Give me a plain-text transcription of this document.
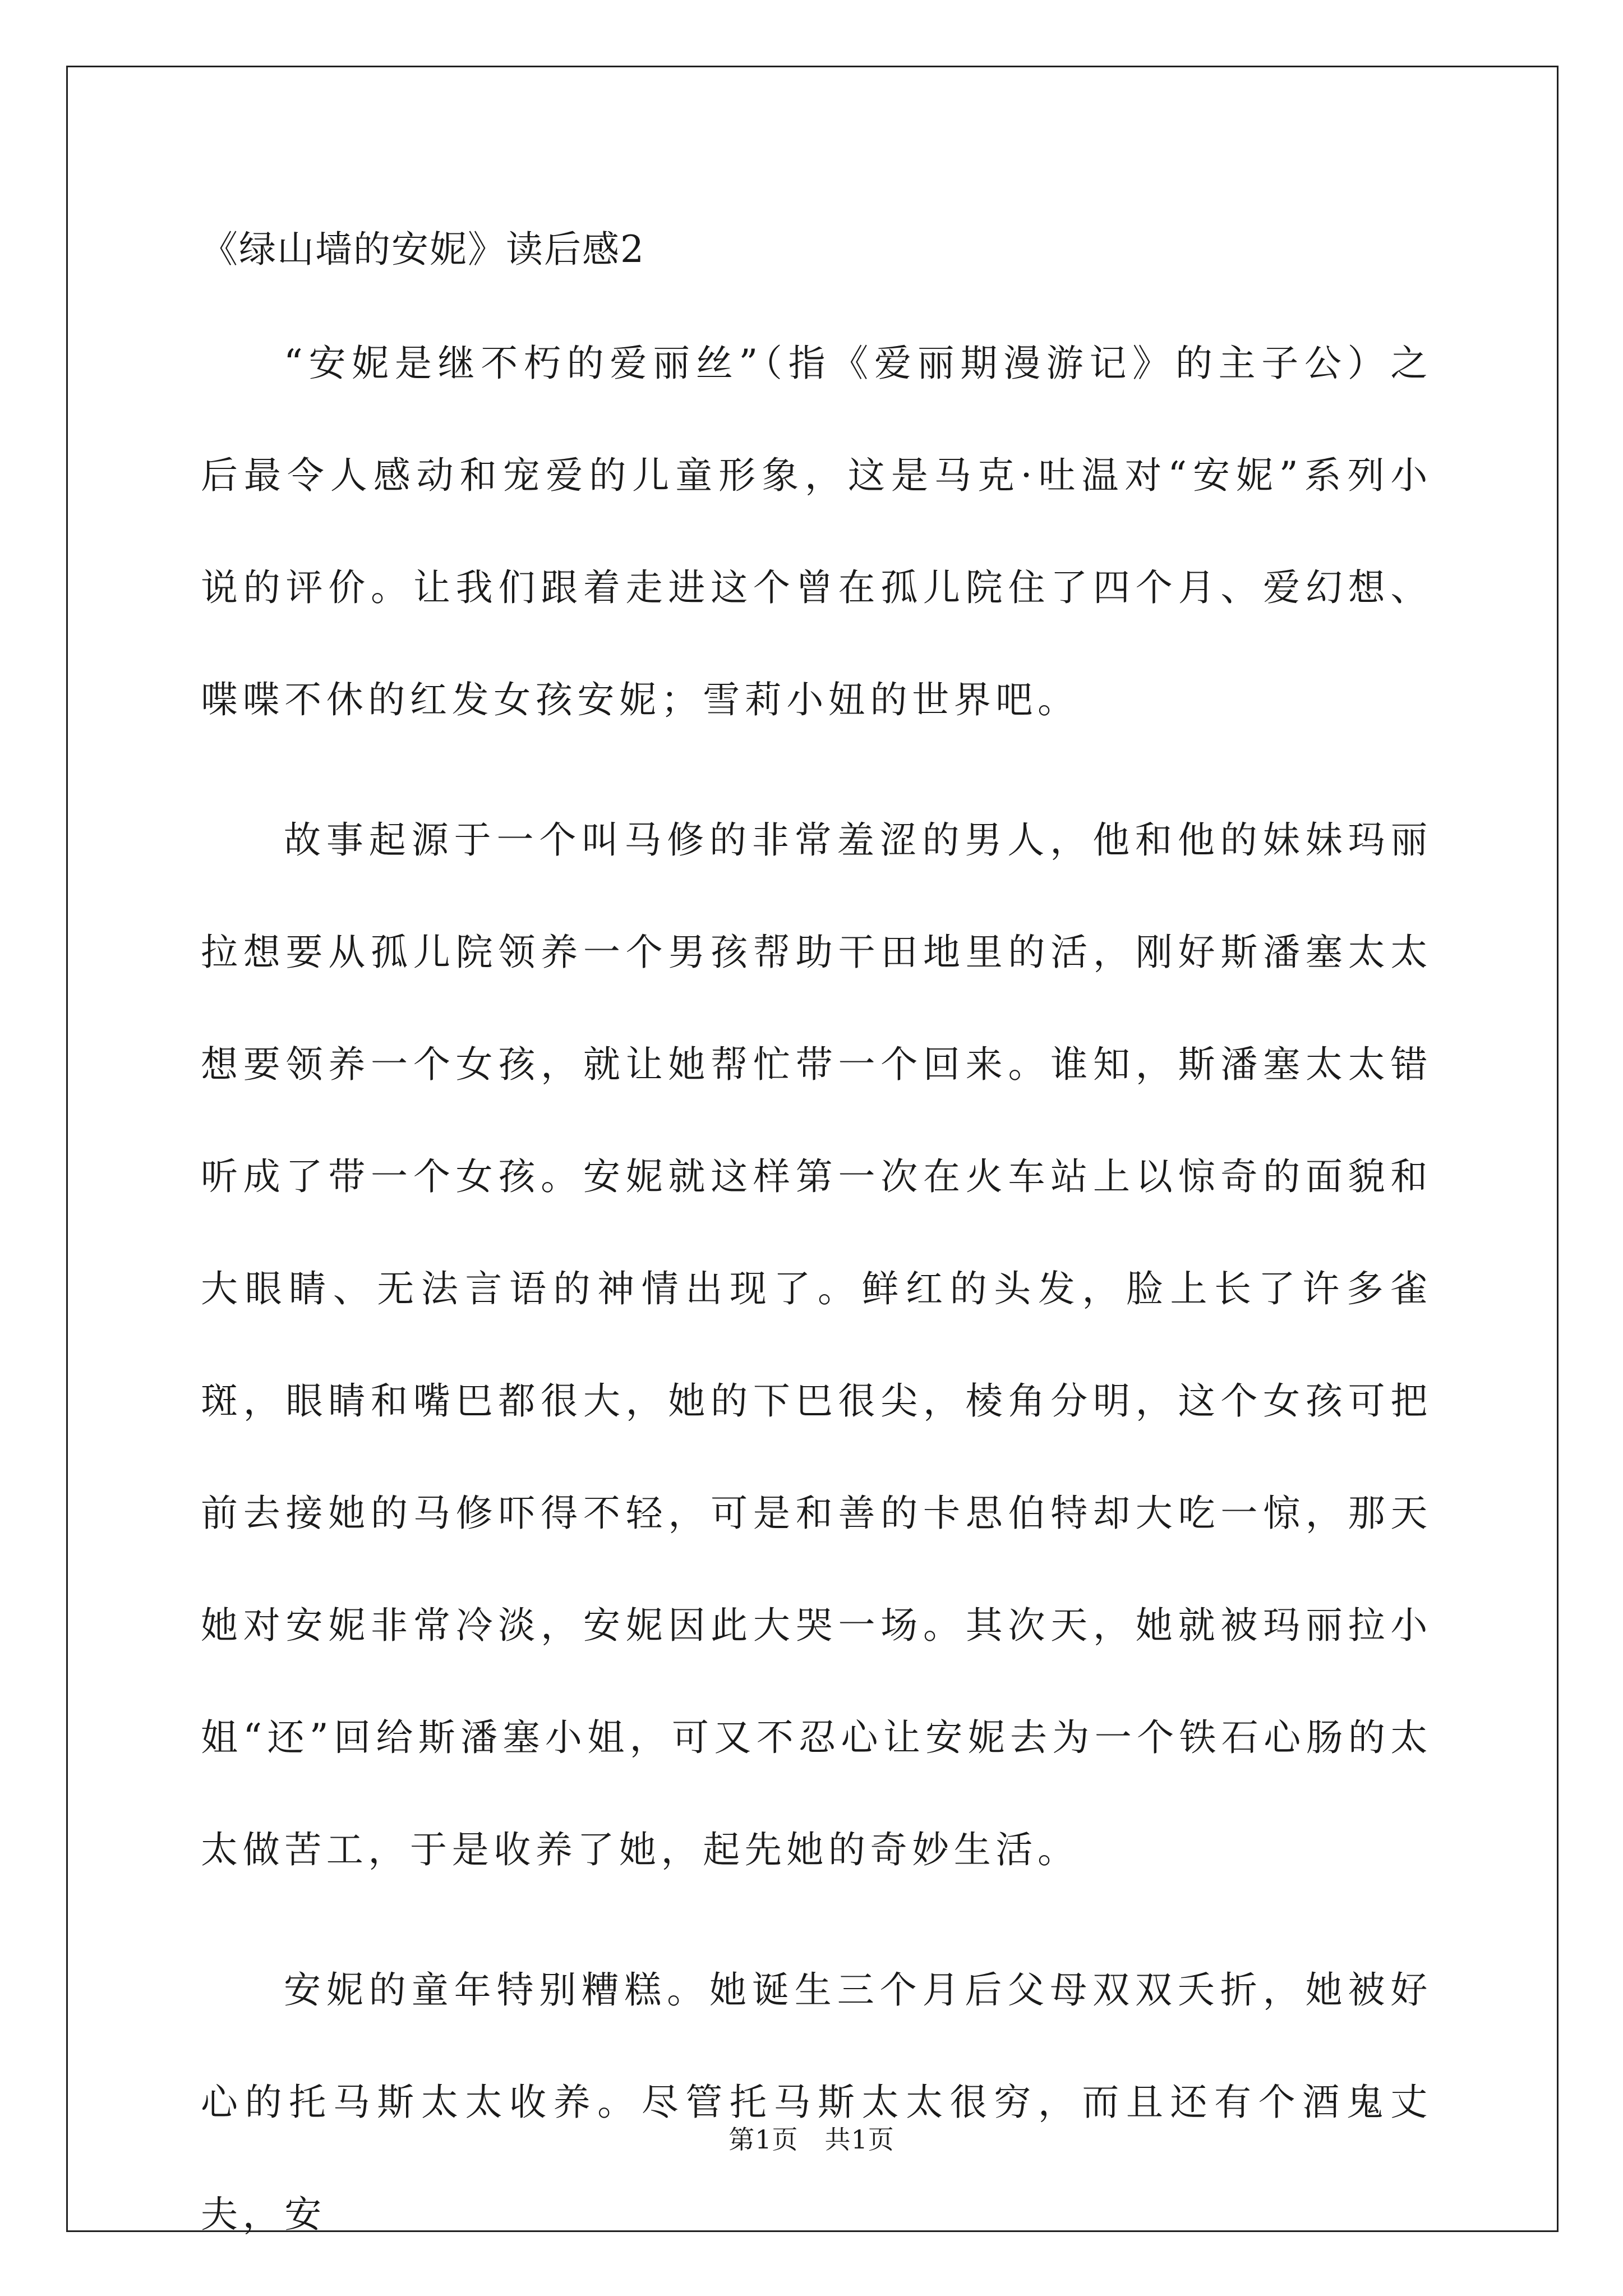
《绿山墙的安妮》读后感2

“安妮是继不朽的爱丽丝”（指《爱丽期漫游记》的主子公）之后最令人感动和宠爱的儿童形象，这是马克·吐温对“安妮”系列小说的评价。让我们跟着走进这个曾在孤儿院住了四个月、爱幻想、喋喋不休的红发女孩安妮；雪莉小妞的世界吧。

故事起源于一个叫马修的非常羞涩的男人，他和他的妹妹玛丽拉想要从孤儿院领养一个男孩帮助干田地里的活，刚好斯潘塞太太想要领养一个女孩，就让她帮忙带一个回来。谁知，斯潘塞太太错听成了带一个女孩。安妮就这样第一次在火车站上以惊奇的面貌和大眼睛、无法言语的神情出现了。鲜红的头发，脸上长了许多雀斑，眼睛和嘴巴都很大，她的下巴很尖，棱角分明，这个女孩可把前去接她的马修吓得不轻，可是和善的卡思伯特却大吃一惊，那天她对安妮非常冷淡，安妮因此大哭一场。其次天，她就被玛丽拉小姐“还”回给斯潘塞小姐，可又不忍心让安妮去为一个铁石心肠的太太做苦工，于是收养了她，起先她的奇妙生活。

安妮的童年特别糟糕。她诞生三个月后父母双双夭折，她被好心的托马斯太太收养。尽管托马斯太太很穷，而且还有个酒鬼丈夫，安

第1页　共1页
